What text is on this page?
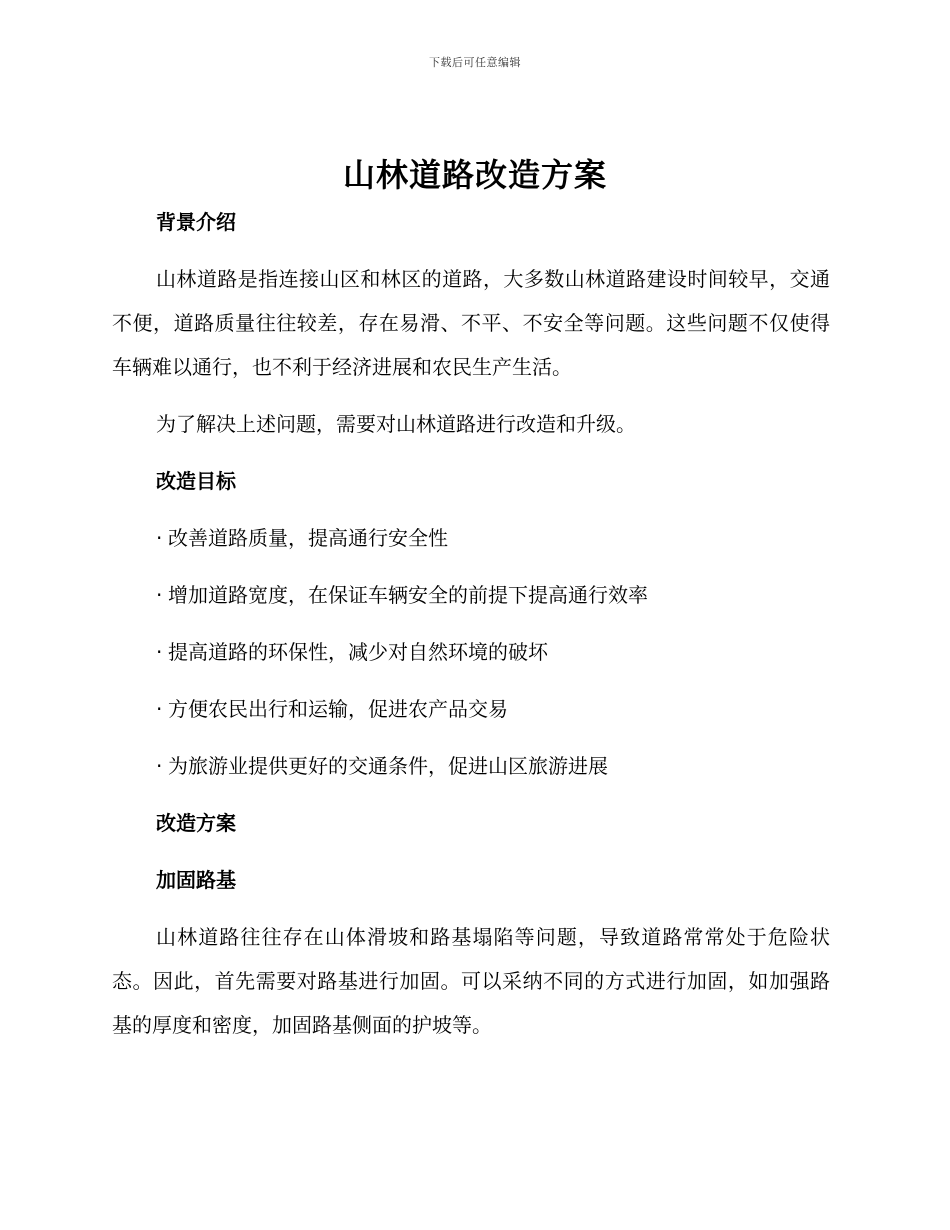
下载后可任意编辑
山林道路改造方案
背景介绍
山林道路是指连接山区和林区的道路，大多数山林道路建设时间较早，交通不便，道路质量往往较差，存在易滑、不平、不安全等问题。这些问题不仅使得车辆难以通行，也不利于经济进展和农民生产生活。
为了解决上述问题，需要对山林道路进行改造和升级。
改造目标
· 改善道路质量，提高通行安全性
· 增加道路宽度，在保证车辆安全的前提下提高通行效率
· 提高道路的环保性，减少对自然环境的破坏
· 方便农民出行和运输，促进农产品交易
· 为旅游业提供更好的交通条件，促进山区旅游进展
改造方案
加固路基
山林道路往往存在山体滑坡和路基塌陷等问题，导致道路常常处于危险状态。因此，首先需要对路基进行加固。可以采纳不同的方式进行加固，如加强路基的厚度和密度，加固路基侧面的护坡等。
